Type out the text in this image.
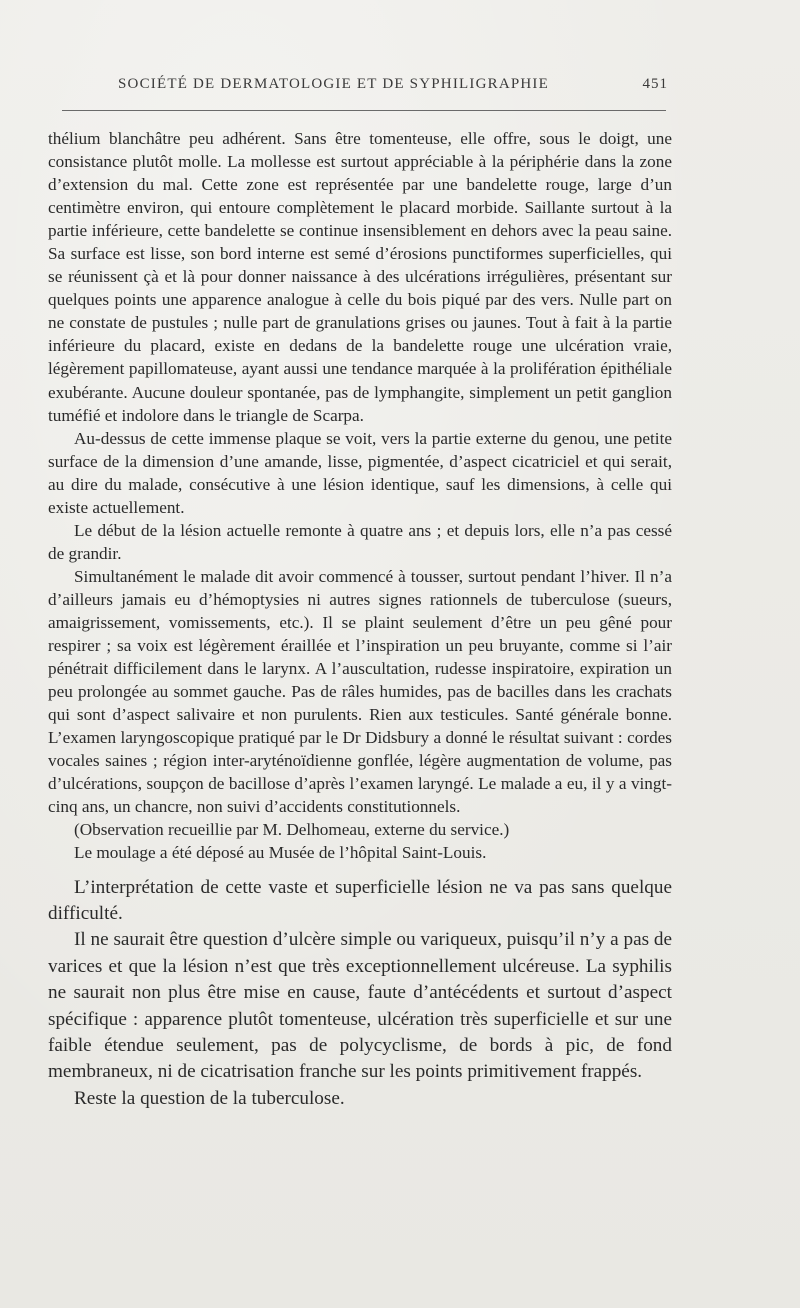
SOCIÉTÉ DE DERMATOLOGIE ET DE SYPHILIGRAPHIE	451

thélium blanchâtre peu adhérent. Sans être tomenteuse, elle offre, sous le doigt, une consistance plutôt molle. La mollesse est surtout appréciable à la périphérie dans la zone d’extension du mal. Cette zone est représentée par une bandelette rouge, large d’un centimètre environ, qui entoure complètement le placard morbide. Saillante surtout à la partie inférieure, cette bandelette se continue insensiblement en dehors avec la peau saine. Sa surface est lisse, son bord interne est semé d’érosions punctiformes superficielles, qui se réunissent çà et là pour donner naissance à des ulcérations irrégulières, présentant sur quelques points une apparence analogue à celle du bois piqué par des vers. Nulle part on ne constate de pustules ; nulle part de granulations grises ou jaunes. Tout à fait à la partie inférieure du placard, existe en dedans de la bandelette rouge une ulcération vraie, légèrement papillomateuse, ayant aussi une tendance marquée à la prolifération épithéliale exubérante. Aucune douleur spontanée, pas de lymphangite, simplement un petit ganglion tuméfié et indolore dans le triangle de Scarpa.

Au-dessus de cette immense plaque se voit, vers la partie externe du genou, une petite surface de la dimension d’une amande, lisse, pigmentée, d’aspect cicatriciel et qui serait, au dire du malade, consécutive à une lésion identique, sauf les dimensions, à celle qui existe actuellement.

Le début de la lésion actuelle remonte à quatre ans ; et depuis lors, elle n’a pas cessé de grandir.

Simultanément le malade dit avoir commencé à tousser, surtout pendant l’hiver. Il n’a d’ailleurs jamais eu d’hémoptysies ni autres signes rationnels de tuberculose (sueurs, amaigrissement, vomissements, etc.). Il se plaint seulement d’être un peu gêné pour respirer ; sa voix est légèrement éraillée et l’inspiration un peu bruyante, comme si l’air pénétrait difficilement dans le larynx. A l’auscultation, rudesse inspiratoire, expiration un peu prolongée au sommet gauche. Pas de râles humides, pas de bacilles dans les crachats qui sont d’aspect salivaire et non purulents. Rien aux testicules. Santé générale bonne. L’examen laryngoscopique pratiqué par le Dr Didsbury a donné le résultat suivant : cordes vocales saines ; région inter-aryténoïdienne gonflée, légère augmentation de volume, pas d’ulcérations, soupçon de bacillose d’après l’examen laryngé. Le malade a eu, il y a vingt-cinq ans, un chancre, non suivi d’accidents constitutionnels.

(Observation recueillie par M. Delhomeau, externe du service.)

Le moulage a été déposé au Musée de l’hôpital Saint-Louis.

L’interprétation de cette vaste et superficielle lésion ne va pas sans quelque difficulté.

Il ne saurait être question d’ulcère simple ou variqueux, puisqu’il n’y a pas de varices et que la lésion n’est que très exceptionnellement ulcéreuse. La syphilis ne saurait non plus être mise en cause, faute d’antécédents et surtout d’aspect spécifique : apparence plutôt tomenteuse, ulcération très superficielle et sur une faible étendue seulement, pas de polycyclisme, de bords à pic, de fond membraneux, ni de cicatrisation franche sur les points primitivement frappés.

Reste la question de la tuberculose.
